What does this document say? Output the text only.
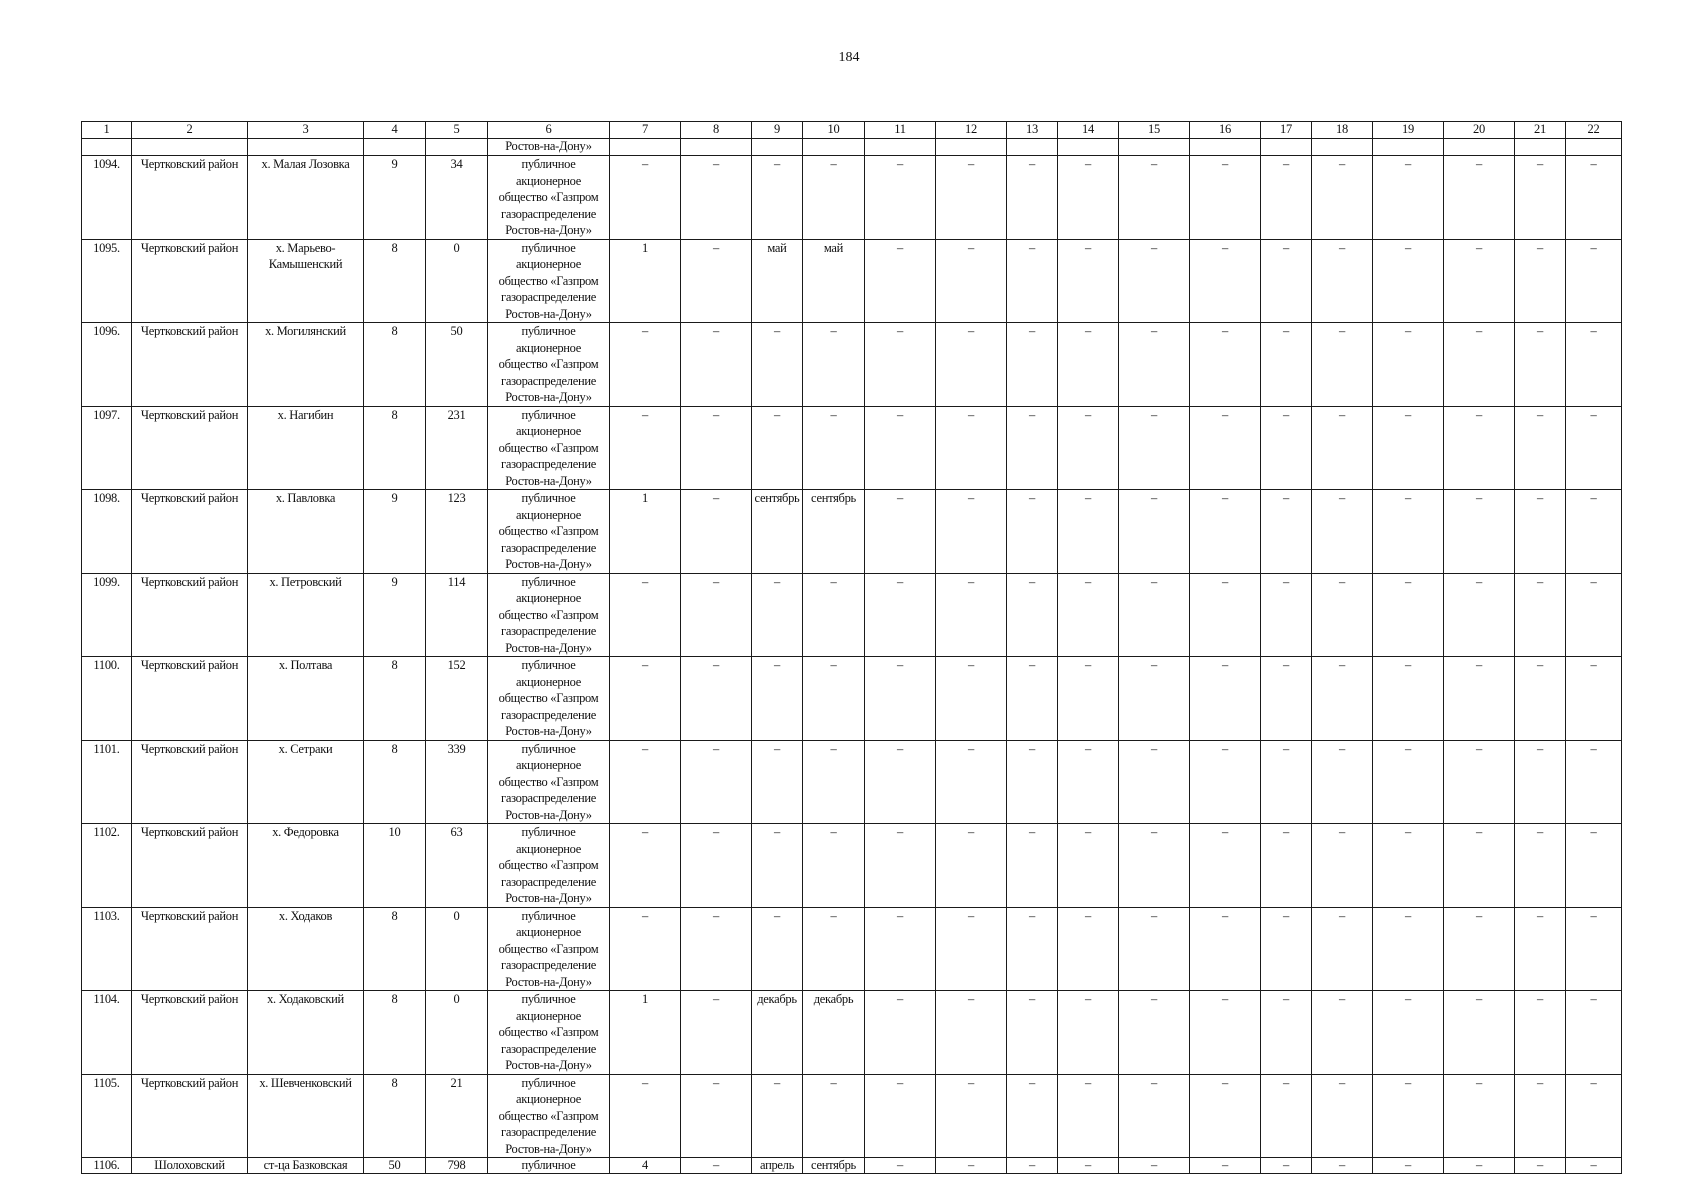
184
1	2	3	4	5	6	7	8	9	10	11	12	13	14	15	16	17	18	19	20	21	22
					Ростов-на-Дону»																
1094.	Чертковский район	х. Малая Лозовка	9	34	публичное
акционерное
общество «Газпром
газораспределение
Ростов-на-Дону»	–	–	–	–	–	–	–	–	–	–	–	–	–	–	–	–
1095.	Чертковский район	х. Марьево-Камышенский	8	0	публичное
акционерное
общество «Газпром
газораспределение
Ростов-на-Дону»	1	–	май	май	–	–	–	–	–	–	–	–	–	–	–	–
1096.	Чертковский район	х. Могилянский	8	50	публичное
акционерное
общество «Газпром
газораспределение
Ростов-на-Дону»	–	–	–	–	–	–	–	–	–	–	–	–	–	–	–	–
1097.	Чертковский район	х. Нагибин	8	231	публичное
акционерное
общество «Газпром
газораспределение
Ростов-на-Дону»	–	–	–	–	–	–	–	–	–	–	–	–	–	–	–	–
1098.	Чертковский район	х. Павловка	9	123	публичное
акционерное
общество «Газпром
газораспределение
Ростов-на-Дону»	1	–	сентябрь	сентябрь	–	–	–	–	–	–	–	–	–	–	–	–
1099.	Чертковский район	х. Петровский	9	114	публичное
акционерное
общество «Газпром
газораспределение
Ростов-на-Дону»	–	–	–	–	–	–	–	–	–	–	–	–	–	–	–	–
1100.	Чертковский район	х. Полтава	8	152	публичное
акционерное
общество «Газпром
газораспределение
Ростов-на-Дону»	–	–	–	–	–	–	–	–	–	–	–	–	–	–	–	–
1101.	Чертковский район	х. Сетраки	8	339	публичное
акционерное
общество «Газпром
газораспределение
Ростов-на-Дону»	–	–	–	–	–	–	–	–	–	–	–	–	–	–	–	–
1102.	Чертковский район	х. Федоровка	10	63	публичное
акционерное
общество «Газпром
газораспределение
Ростов-на-Дону»	–	–	–	–	–	–	–	–	–	–	–	–	–	–	–	–
1103.	Чертковский район	х. Ходаков	8	0	публичное
акционерное
общество «Газпром
газораспределение
Ростов-на-Дону»	–	–	–	–	–	–	–	–	–	–	–	–	–	–	–	–
1104.	Чертковский район	х. Ходаковский	8	0	публичное
акционерное
общество «Газпром
газораспределение
Ростов-на-Дону»	1	–	декабрь	декабрь	–	–	–	–	–	–	–	–	–	–	–	–
1105.	Чертковский район	х. Шевченковский	8	21	публичное
акционерное
общество «Газпром
газораспределение
Ростов-на-Дону»	–	–	–	–	–	–	–	–	–	–	–	–	–	–	–	–
1106.	Шолоховский	ст-ца Базковская	50	798	публичное	4	–	апрель	сентябрь	–	–	–	–	–	–	–	–	–	–	–	–
